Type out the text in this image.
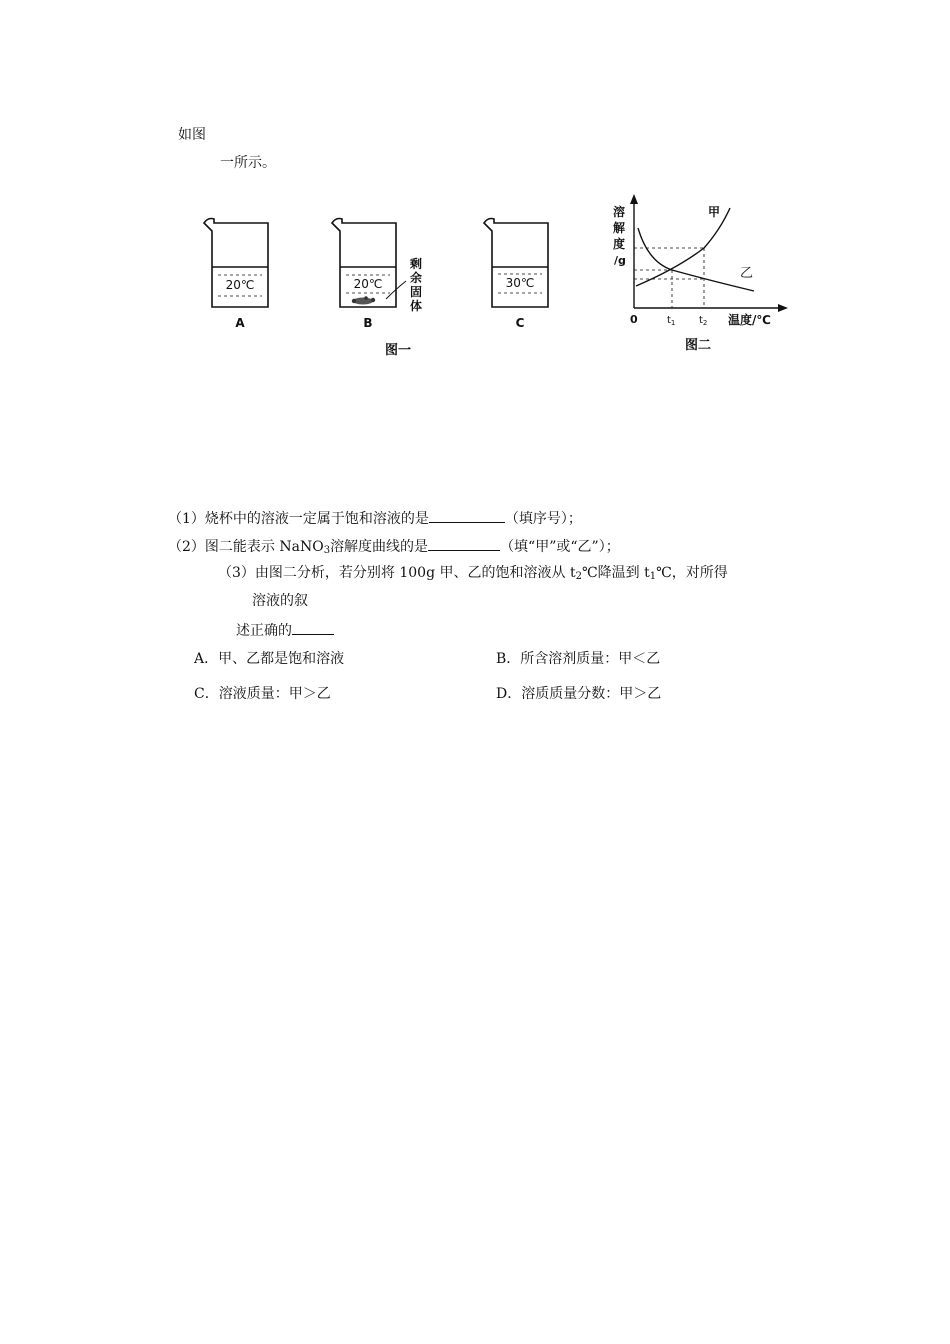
如图
一所示。
20℃
A
20℃
剩
余
固
体
B
图一
30℃
C
溶
解
度
/g
甲
乙
0	$t_1$ $t_2$ 温度/℃
图二
（1）烧杯中的溶液一定属于饱和溶液的是	（填序号）；
（2）图二能表示 NaNO$_3$溶解度曲线的是	（填“甲”或“乙”）；
（3）由图二分析，若分别将 100g 甲、乙的饱和溶液从 $t_2℃$降温到 $t_1℃$，对所得
溶液的叙
述正确的
A．甲、乙都是饱和溶液	B．所含溶剂质量：甲＜乙
C．溶液质量：甲＞乙	D．溶质质量分数：甲＞乙
